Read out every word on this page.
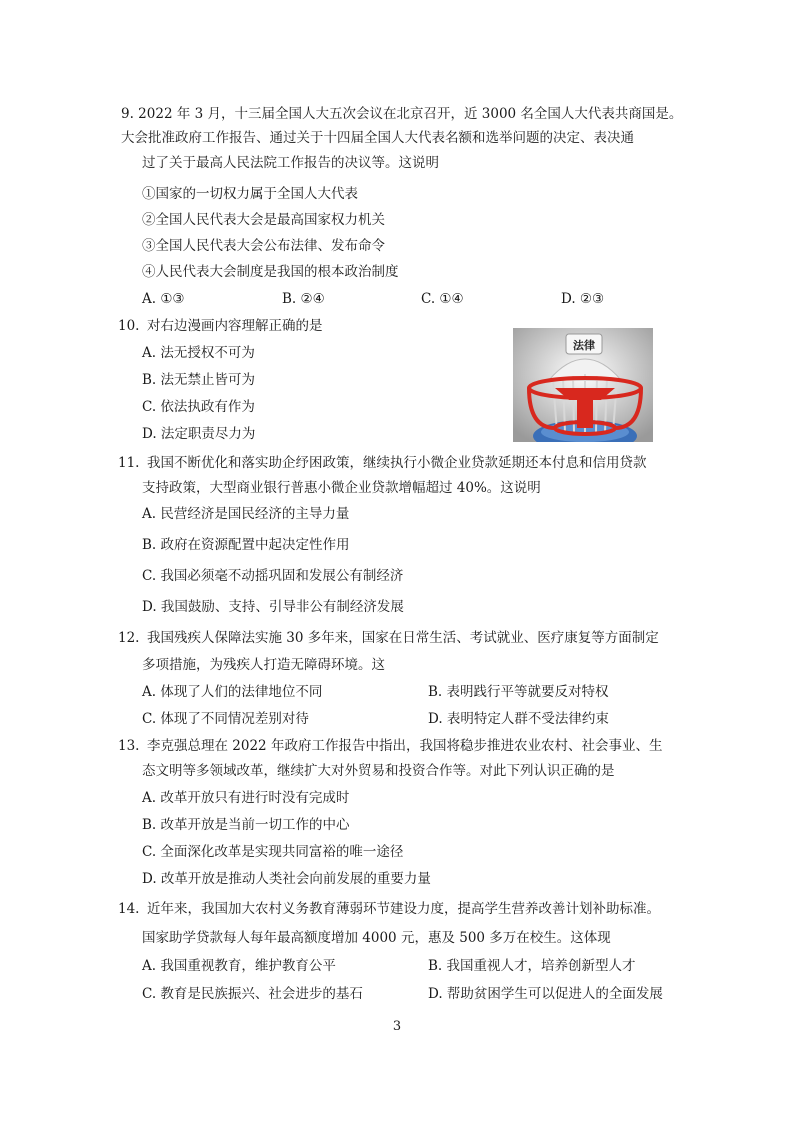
9. 2022 年 3 月，十三届全国人大五次会议在北京召开，近 3000 名全国人大代表共商国是。
大会批准政府工作报告、通过关于十四届全国人大代表名额和选举问题的决定、表决通
过了关于最高人民法院工作报告的决议等。这说明
①国家的一切权力属于全国人大代表
②全国人民代表大会是最高国家权力机关
③全国人民代表大会公布法律、发布命令
④人民代表大会制度是我国的根本政治制度
A. ①③	B. ②④	C. ①④	D. ②③
10. 对右边漫画内容理解正确的是
A. 法无授权不可为
B. 法无禁止皆可为
C. 依法执政有作为
D. 法定职责尽力为
法律
11. 我国不断优化和落实助企纾困政策，继续执行小微企业贷款延期还本付息和信用贷款
支持政策，大型商业银行普惠小微企业贷款增幅超过 40%。这说明
A. 民营经济是国民经济的主导力量
B. 政府在资源配置中起决定性作用
C. 我国必须毫不动摇巩固和发展公有制经济
D. 我国鼓励、支持、引导非公有制经济发展
12. 我国残疾人保障法实施 30 多年来，国家在日常生活、考试就业、医疗康复等方面制定
多项措施，为残疾人打造无障碍环境。这
A. 体现了人们的法律地位不同	B. 表明践行平等就要反对特权
C. 体现了不同情况差别对待	D. 表明特定人群不受法律约束
13. 李克强总理在 2022 年政府工作报告中指出，我国将稳步推进农业农村、社会事业、生
态文明等多领域改革，继续扩大对外贸易和投资合作等。对此下列认识正确的是
A. 改革开放只有进行时没有完成时
B. 改革开放是当前一切工作的中心
C. 全面深化改革是实现共同富裕的唯一途径
D. 改革开放是推动人类社会向前发展的重要力量
14. 近年来，我国加大农村义务教育薄弱环节建设力度，提高学生营养改善计划补助标准。
国家助学贷款每人每年最高额度增加 4000 元，惠及 500 多万在校生。这体现
A. 我国重视教育，维护教育公平	B. 我国重视人才，培养创新型人才
C. 教育是民族振兴、社会进步的基石	D. 帮助贫困学生可以促进人的全面发展
3
